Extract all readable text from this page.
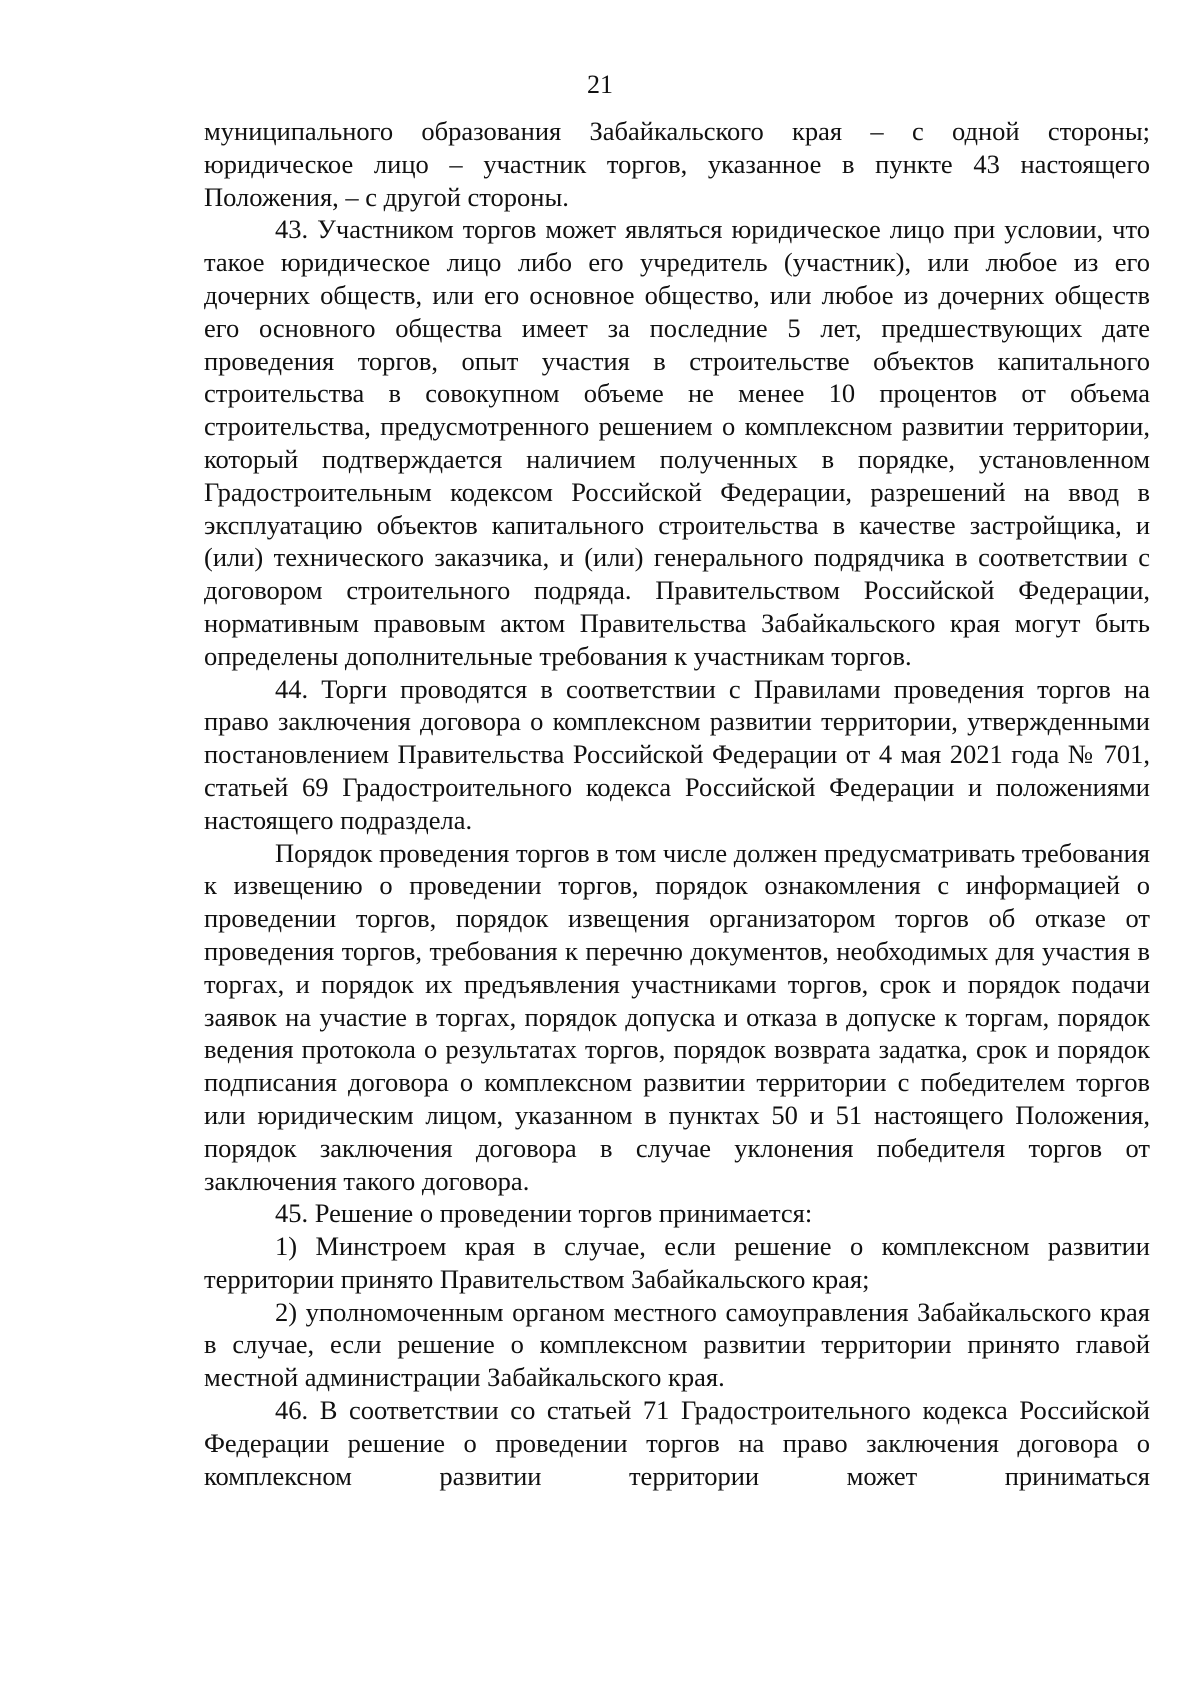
21

муниципального образования Забайкальского края – с одной стороны; юридическое лицо – участник торгов, указанное в пункте 43 настоящего Положения, – с другой стороны.

43. Участником торгов может являться юридическое лицо при условии, что такое юридическое лицо либо его учредитель (участник), или любое из его дочерних обществ, или его основное общество, или любое из дочерних обществ его основного общества имеет за последние 5 лет, предшествующих дате проведения торгов, опыт участия в строительстве объектов капитального строительства в совокупном объеме не менее 10 процентов от объема строительства, предусмотренного решением о комплексном развитии территории, который подтверждается наличием полученных в порядке, установленном Градостроительным кодексом Российской Федерации, разрешений на ввод в эксплуатацию объектов капитального строительства в качестве застройщика, и (или) технического заказчика, и (или) генерального подрядчика в соответствии с договором строительного подряда. Правительством Российской Федерации, нормативным правовым актом Правительства Забайкальского края могут быть определены дополнительные требования к участникам торгов.

44. Торги проводятся в соответствии с Правилами проведения торгов на право заключения договора о комплексном развитии территории, утвержденными постановлением Правительства Российской Федерации от 4 мая 2021 года № 701, статьей 69 Градостроительного кодекса Российской Федерации и положениями настоящего подраздела.

Порядок проведения торгов в том числе должен предусматривать требования к извещению о проведении торгов, порядок ознакомления с информацией о проведении торгов, порядок извещения организатором торгов об отказе от проведения торгов, требования к перечню документов, необходимых для участия в торгах, и порядок их предъявления участниками торгов, срок и порядок подачи заявок на участие в торгах, порядок допуска и отказа в допуске к торгам, порядок ведения протокола о результатах торгов, порядок возврата задатка, срок и порядок подписания договора о комплексном развитии территории с победителем торгов или юридическим лицом, указанном в пунктах 50 и 51 настоящего Положения, порядок заключения договора в случае уклонения победителя торгов от заключения такого договора.

45. Решение о проведении торгов принимается:

1) Минстроем края в случае, если решение о комплексном развитии территории принято Правительством Забайкальского края;

2) уполномоченным органом местного самоуправления Забайкальского края в случае, если решение о комплексном развитии территории принято главой местной администрации Забайкальского края.

46. В соответствии со статьей 71 Градостроительного кодекса Российской Федерации решение о проведении торгов на право заключения договора о комплексном развитии территории может приниматься
